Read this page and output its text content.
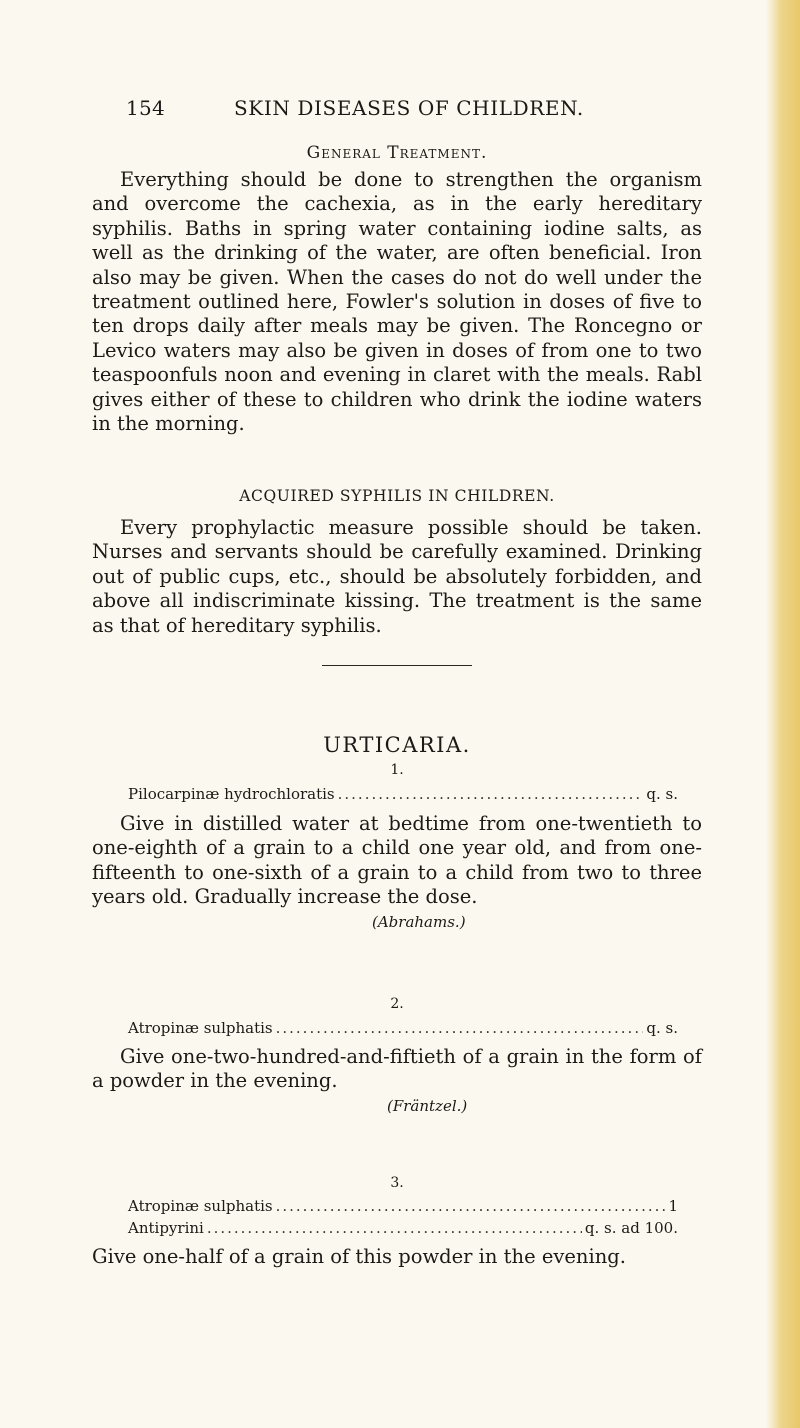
154	SKIN DISEASES OF CHILDREN.
General Treatment.
Everything should be done to strengthen the organism and overcome the cachexia, as in the early hereditary syphilis. Baths in spring water containing iodine salts, as well as the drinking of the water, are often beneficial. Iron also may be given. When the cases do not do well under the treatment outlined here, Fowler's solution in doses of five to ten drops daily after meals may be given. The Roncegno or Levico waters may also be given in doses of from one to two teaspoonfuls noon and evening in claret with the meals. Rabl gives either of these to children who drink the iodine waters in the morning.
ACQUIRED SYPHILIS IN CHILDREN.
Every prophylactic measure possible should be taken. Nurses and servants should be carefully examined. Drinking out of public cups, etc., should be absolutely forbidden, and above all indiscriminate kissing. The treatment is the same as that of hereditary syphilis.
URTICARIA.
1.
Pilocarpinæ hydrochloratis .....	q. s.
Give in distilled water at bedtime from one-twentieth to one-eighth of a grain to a child one year old, and from one-fifteenth to one-sixth of a grain to a child from two to three years old. Gradually increase the dose.
(Abrahams.)
2.
Atropinæ sulphatis .....	q. s.
Give one-two-hundred-and-fiftieth of a grain in the form of a powder in the evening.
(Fräntzel.)
3.
Atropinæ sulphatis .....	1
Antipyrini .....	q. s. ad 100.
Give one-half of a grain of this powder in the evening.
